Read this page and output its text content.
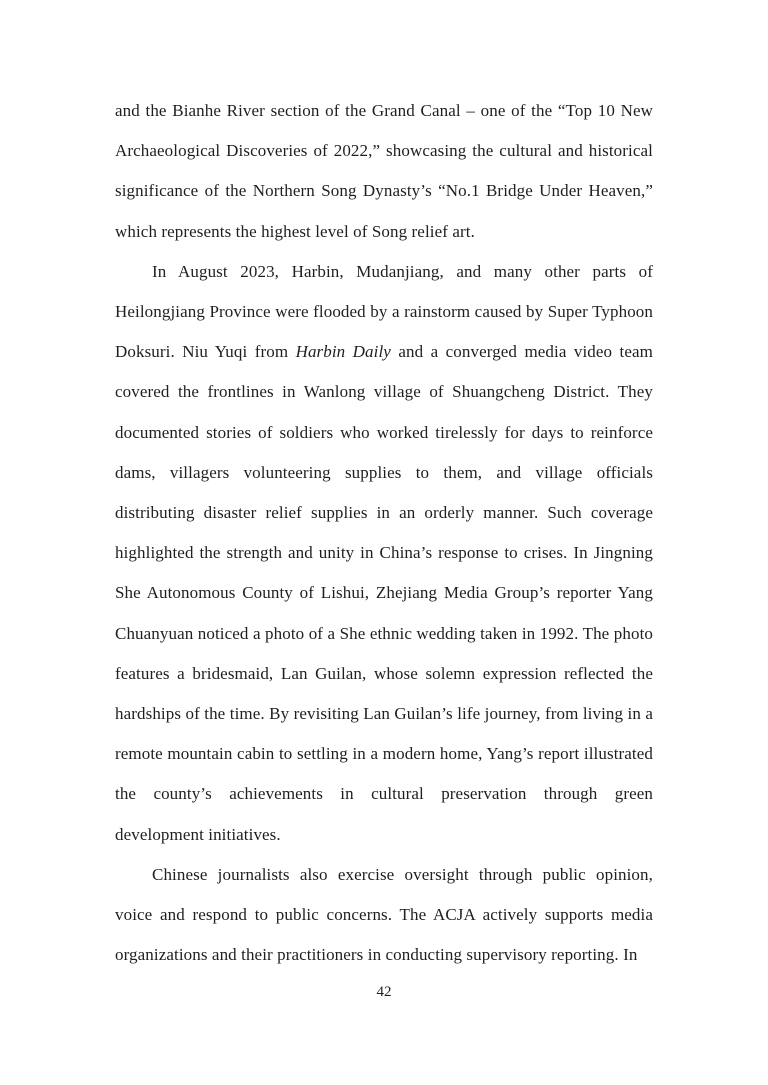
and the Bianhe River section of the Grand Canal – one of the “Top 10 New Archaeological Discoveries of 2022,” showcasing the cultural and historical significance of the Northern Song Dynasty’s “No.1 Bridge Under Heaven,” which represents the highest level of Song relief art.

In August 2023, Harbin, Mudanjiang, and many other parts of Heilongjiang Province were flooded by a rainstorm caused by Super Typhoon Doksuri. Niu Yuqi from Harbin Daily and a converged media video team covered the frontlines in Wanlong village of Shuangcheng District. They documented stories of soldiers who worked tirelessly for days to reinforce dams, villagers volunteering supplies to them, and village officials distributing disaster relief supplies in an orderly manner. Such coverage highlighted the strength and unity in China’s response to crises. In Jingning She Autonomous County of Lishui, Zhejiang Media Group’s reporter Yang Chuanyuan noticed a photo of a She ethnic wedding taken in 1992. The photo features a bridesmaid, Lan Guilan, whose solemn expression reflected the hardships of the time. By revisiting Lan Guilan’s life journey, from living in a remote mountain cabin to settling in a modern home, Yang’s report illustrated the county’s achievements in cultural preservation through green development initiatives.

Chinese journalists also exercise oversight through public opinion, voice and respond to public concerns. The ACJA actively supports media organizations and their practitioners in conducting supervisory reporting. In

42
